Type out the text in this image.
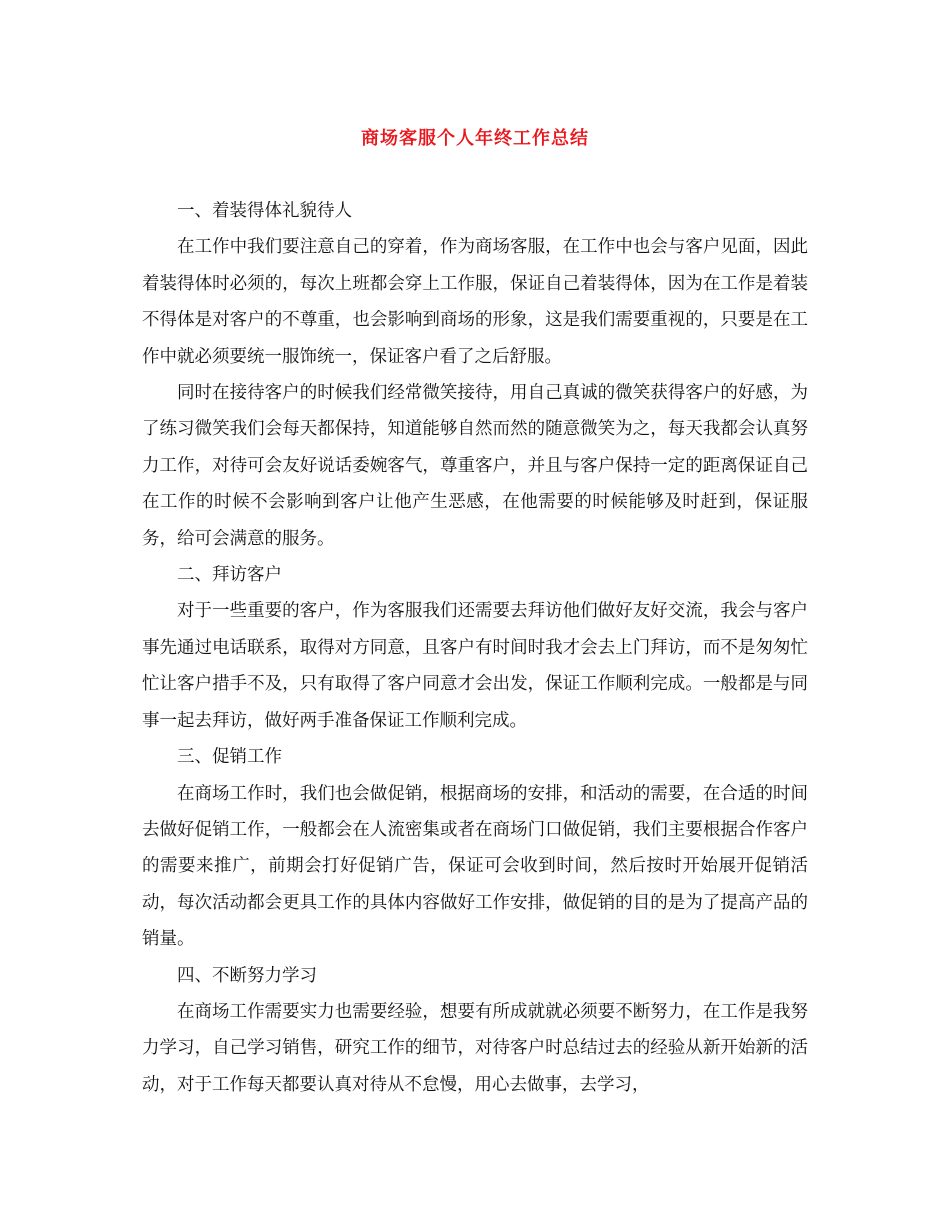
商场客服个人年终工作总结

一、着装得体礼貌待人

在工作中我们要注意自己的穿着，作为商场客服，在工作中也会与客户见面，因此着装得体时必须的，每次上班都会穿上工作服，保证自己着装得体，因为在工作是着装不得体是对客户的不尊重，也会影响到商场的形象，这是我们需要重视的，只要是在工作中就必须要统一服饰统一，保证客户看了之后舒服。

同时在接待客户的时候我们经常微笑接待，用自己真诚的微笑获得客户的好感，为了练习微笑我们会每天都保持，知道能够自然而然的随意微笑为之，每天我都会认真努力工作，对待可会友好说话委婉客气，尊重客户，并且与客户保持一定的距离保证自己在工作的时候不会影响到客户让他产生恶感，在他需要的时候能够及时赶到，保证服务，给可会满意的服务。

二、拜访客户

对于一些重要的客户，作为客服我们还需要去拜访他们做好友好交流，我会与客户事先通过电话联系，取得对方同意，且客户有时间时我才会去上门拜访，而不是匆匆忙忙让客户措手不及，只有取得了客户同意才会出发，保证工作顺利完成。一般都是与同事一起去拜访，做好两手准备保证工作顺利完成。

三、促销工作

在商场工作时，我们也会做促销，根据商场的安排，和活动的需要，在合适的时间去做好促销工作，一般都会在人流密集或者在商场门口做促销，我们主要根据合作客户的需要来推广，前期会打好促销广告，保证可会收到时间，然后按时开始展开促销活动，每次活动都会更具工作的具体内容做好工作安排，做促销的目的是为了提高产品的销量。

四、不断努力学习

在商场工作需要实力也需要经验，想要有所成就就必须要不断努力，在工作是我努力学习，自己学习销售，研究工作的细节，对待客户时总结过去的经验从新开始新的活动，对于工作每天都要认真对待从不怠慢，用心去做事，去学习，
